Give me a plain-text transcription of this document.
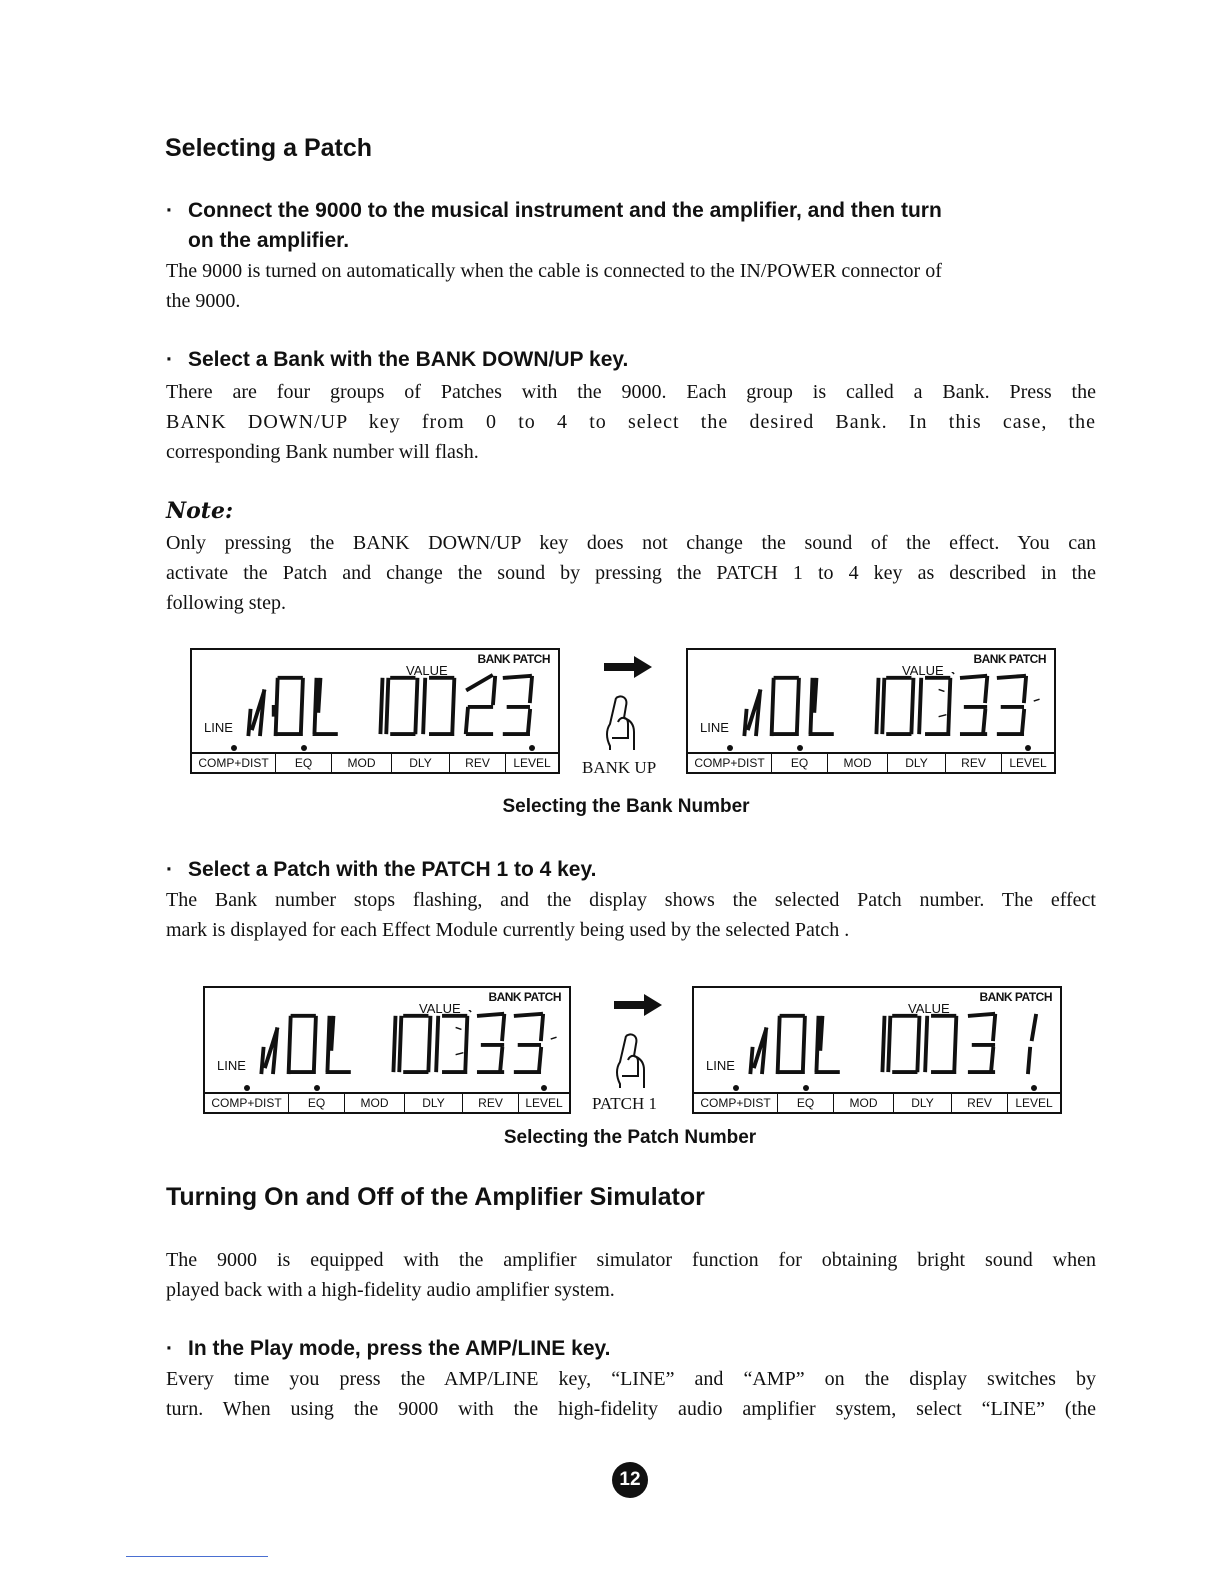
Selecting a Patch
· Connect the 9000 to the musical instrument and the amplifier, and then turn
on the amplifier.
The 9000 is turned on automatically when the cable is connected to the IN/POWER connector of
the 9000.
· Select a Bank with the BANK DOWN/UP key.
There are four groups of Patches with the 9000. Each group is called a Bank. Press the
BANK DOWN/UP key from 0 to 4 to select the desired Bank. In this case, the
corresponding Bank number will flash.
Note:
Only pressing the BANK DOWN/UP key does not change the sound of the effect. You can
activate the Patch and change the sound by pressing the PATCH 1 to 4 key as described in the
following step.
BANK PATCH
VALUE
LINE
COMP+DIST	EQ	MOD	DLY	REV	LEVEL	BANK UP
BANK PATCH
VALUE
LINE
COMP+DIST	EQ	MOD	DLY	REV	LEVEL
Selecting the Bank Number
· Select a Patch with the PATCH 1 to 4 key.
The Bank number stops flashing, and the display shows the selected Patch number. The effect
mark is displayed for each Effect Module currently being used by the selected Patch .
BANK PATCH
VALUE
LINE
COMP+DIST	EQ	MOD	DLY	REV	LEVEL	PATCH 1
BANK PATCH
VALUE
LINE
COMP+DIST	EQ	MOD	DLY	REV	LEVEL
Selecting the Patch Number
Turning On and Off of the Amplifier Simulator
The 9000 is equipped with the amplifier simulator function for obtaining bright sound when
played back with a high-fidelity audio amplifier system.
· In the Play mode, press the AMP/LINE key.
Every time you press the AMP/LINE key, “LINE” and “AMP” on the display switches by
turn. When using the 9000 with the high-fidelity audio amplifier system, select “LINE” (the
12
